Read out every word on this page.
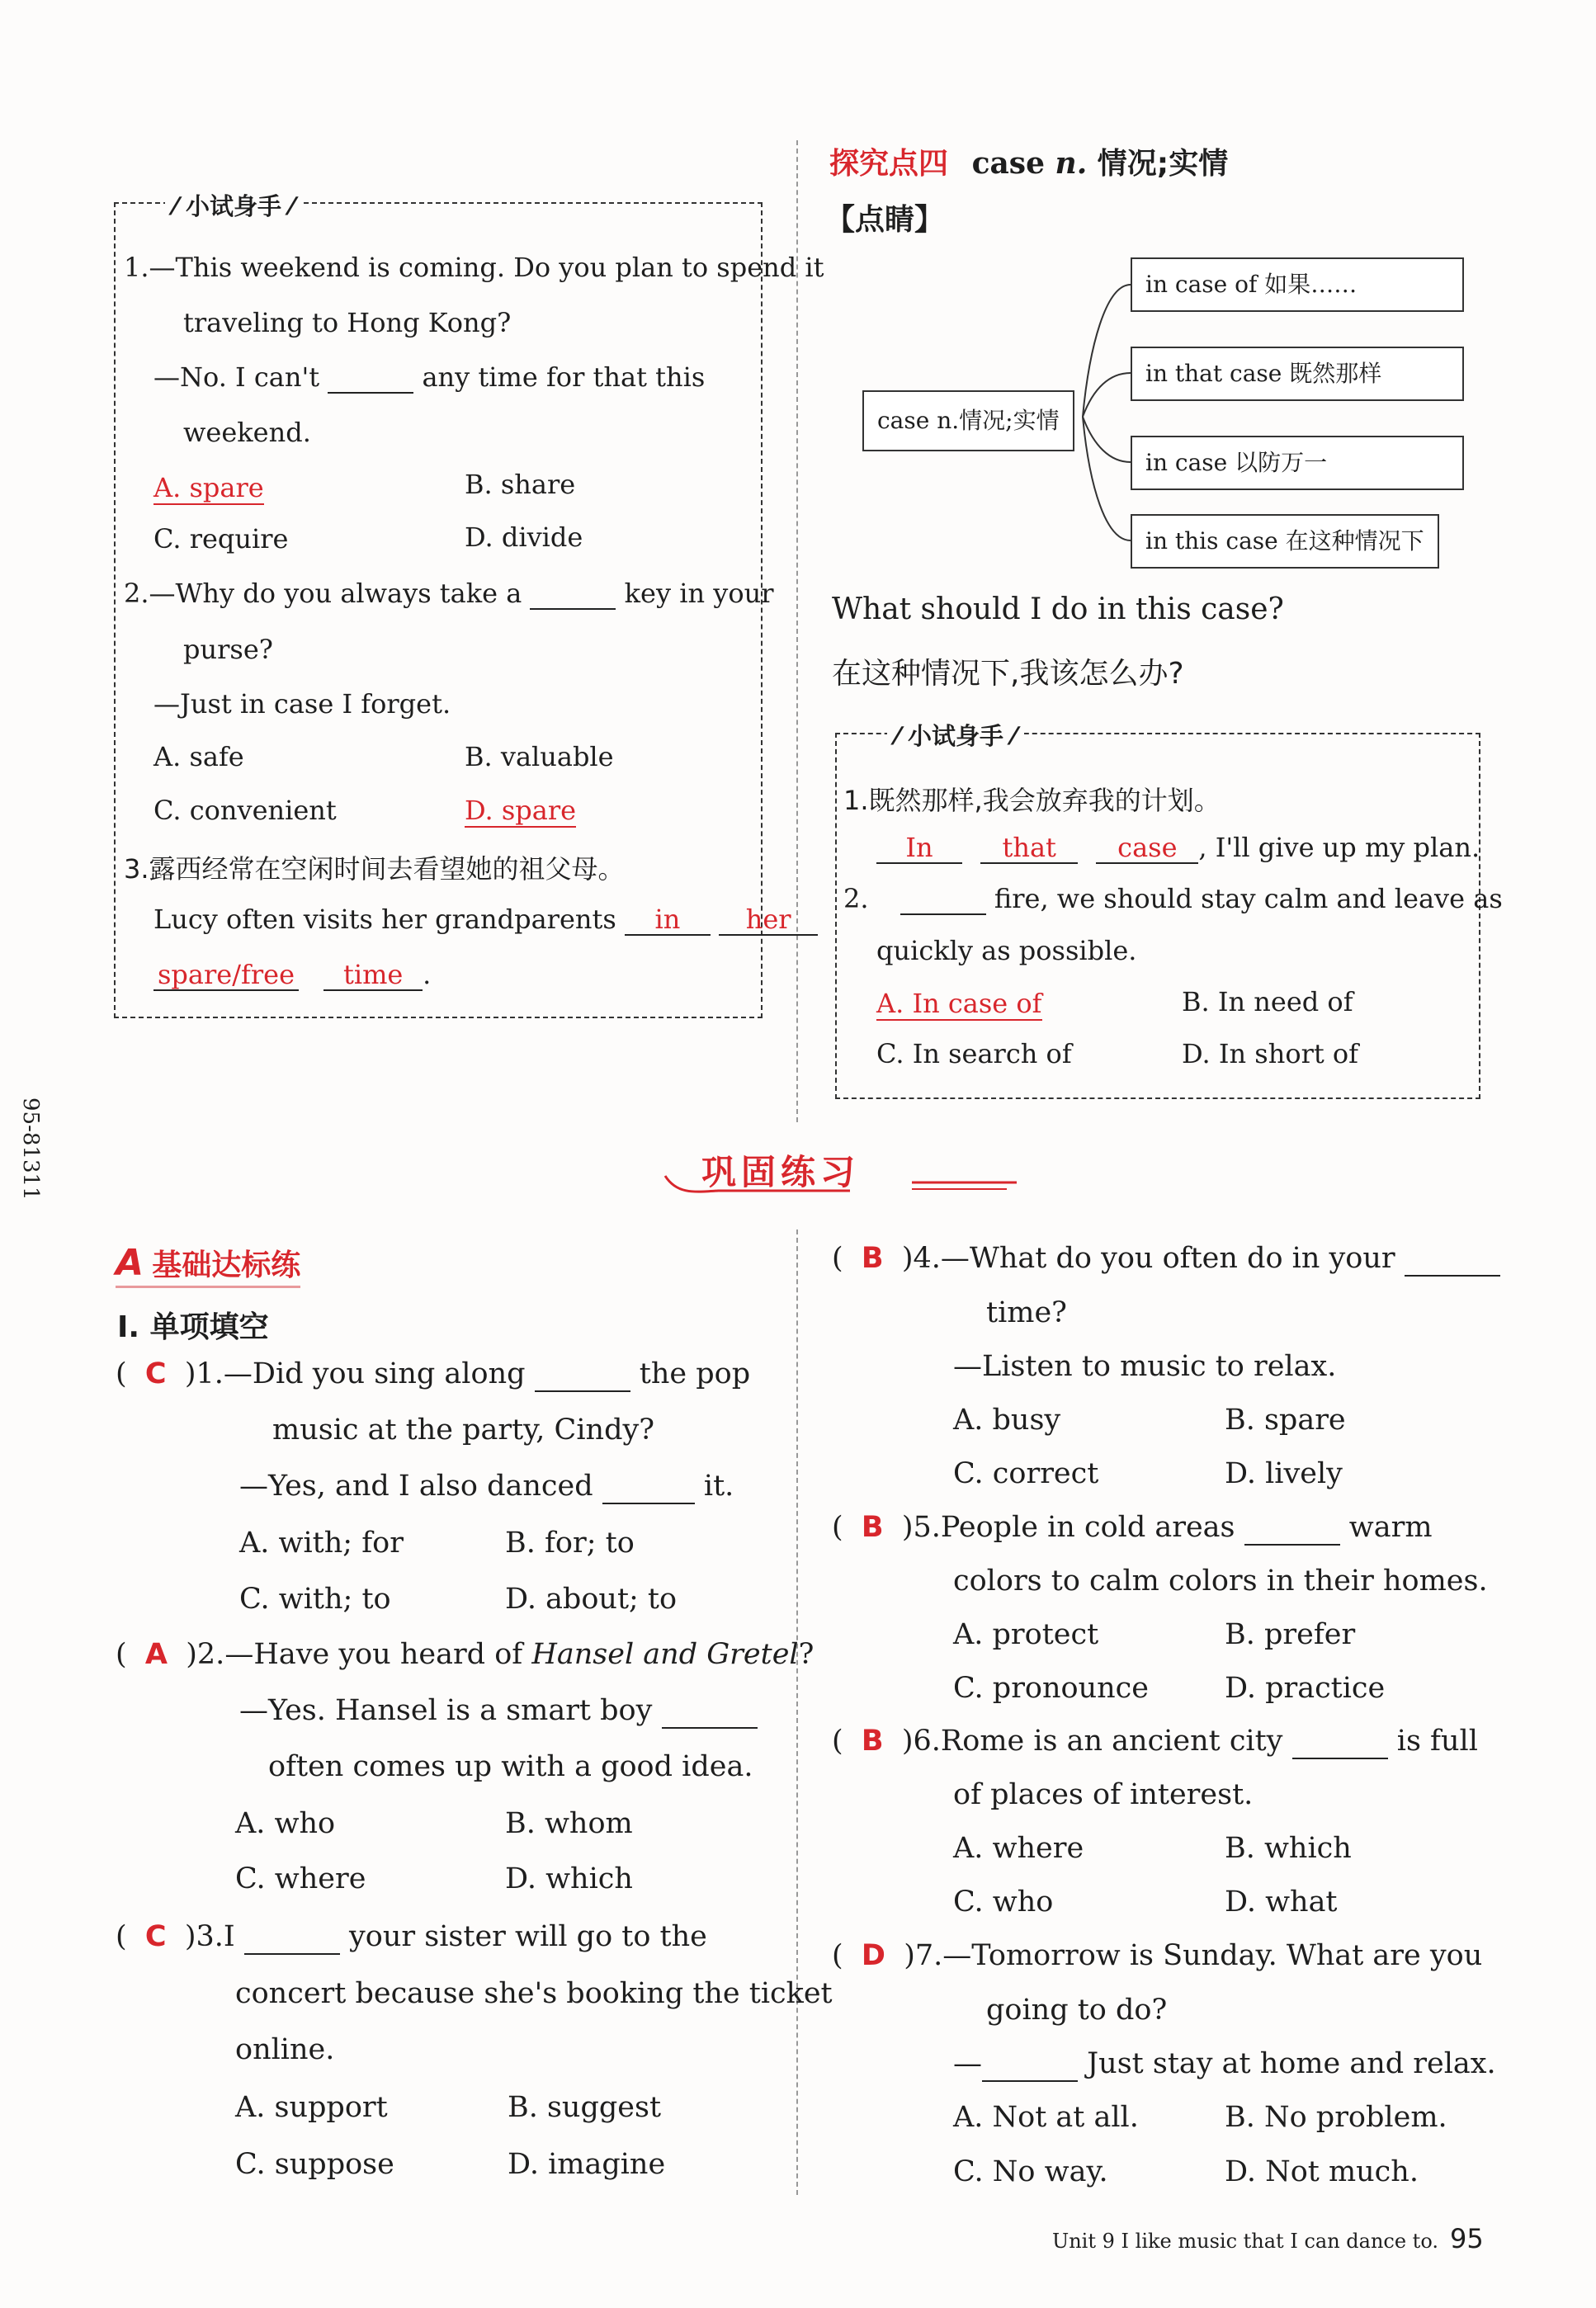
95-81311
⁄ 小试身手 ⁄
1.—This weekend is coming. Do you plan to spend it
traveling to Hong Kong?
—No. I can't	any time for that this
weekend.
A. spare	B. share
C. require	D. divide
2.—Why do you always take a	key in your
purse?
—Just in case I forget.
A. safe	B. valuable
C. convenient	D. spare
3.露西经常在空闲时间去看望她的祖父母。
Lucy often visits her grandparents in her
spare/free time .
探究点四 case n. 情况;实情
【点睛】
case n.情况;实情
in case of 如果……
in that case 既然那样
in case 以防万一
in this case 在这种情况下
What should I do in this case?
在这种情况下,我该怎么办?
⁄ 小试身手 ⁄
1.既然那样,我会放弃我的计划。
In	that case , I'll give up my plan.
2.	fire, we should stay calm and leave as
quickly as possible.
A. In case of	B. In need of
C. In search of	D. In short of
巩固练习
A 基础达标练
Ⅰ. 单项填空
(  C  )1.—Did you sing along	the pop
music at the party, Cindy?
—Yes, and I also danced	it.
A. with; for	B. for; to
C. with; to	D. about; to
(  A  )2.—Have you heard of Hansel and Gretel?
—Yes. Hansel is a smart boy
often comes up with a good idea.
A. who	B. whom
C. where	D. which
(  C  )3.I	your sister will go to the
concert because she's booking the ticket
online.
A. support	B. suggest
C. suppose	D. imagine
(  B  )4.—What do you often do in your
time?
—Listen to music to relax.
A. busy	B. spare
C. correct	D. lively
(  B  )5.People in cold areas	warm
colors to calm colors in their homes.
A. protect	B. prefer
C. pronounce	D. practice
(  B  )6.Rome is an ancient city	is full
of places of interest.
A. where	B. which
C. who	D. what
(  D  )7.—Tomorrow is Sunday. What are you
going to do?
—	Just stay at home and relax.
A. Not at all.	B. No problem.
C. No way.	D. Not much.
Unit 9 I like music that I can dance to. 95
